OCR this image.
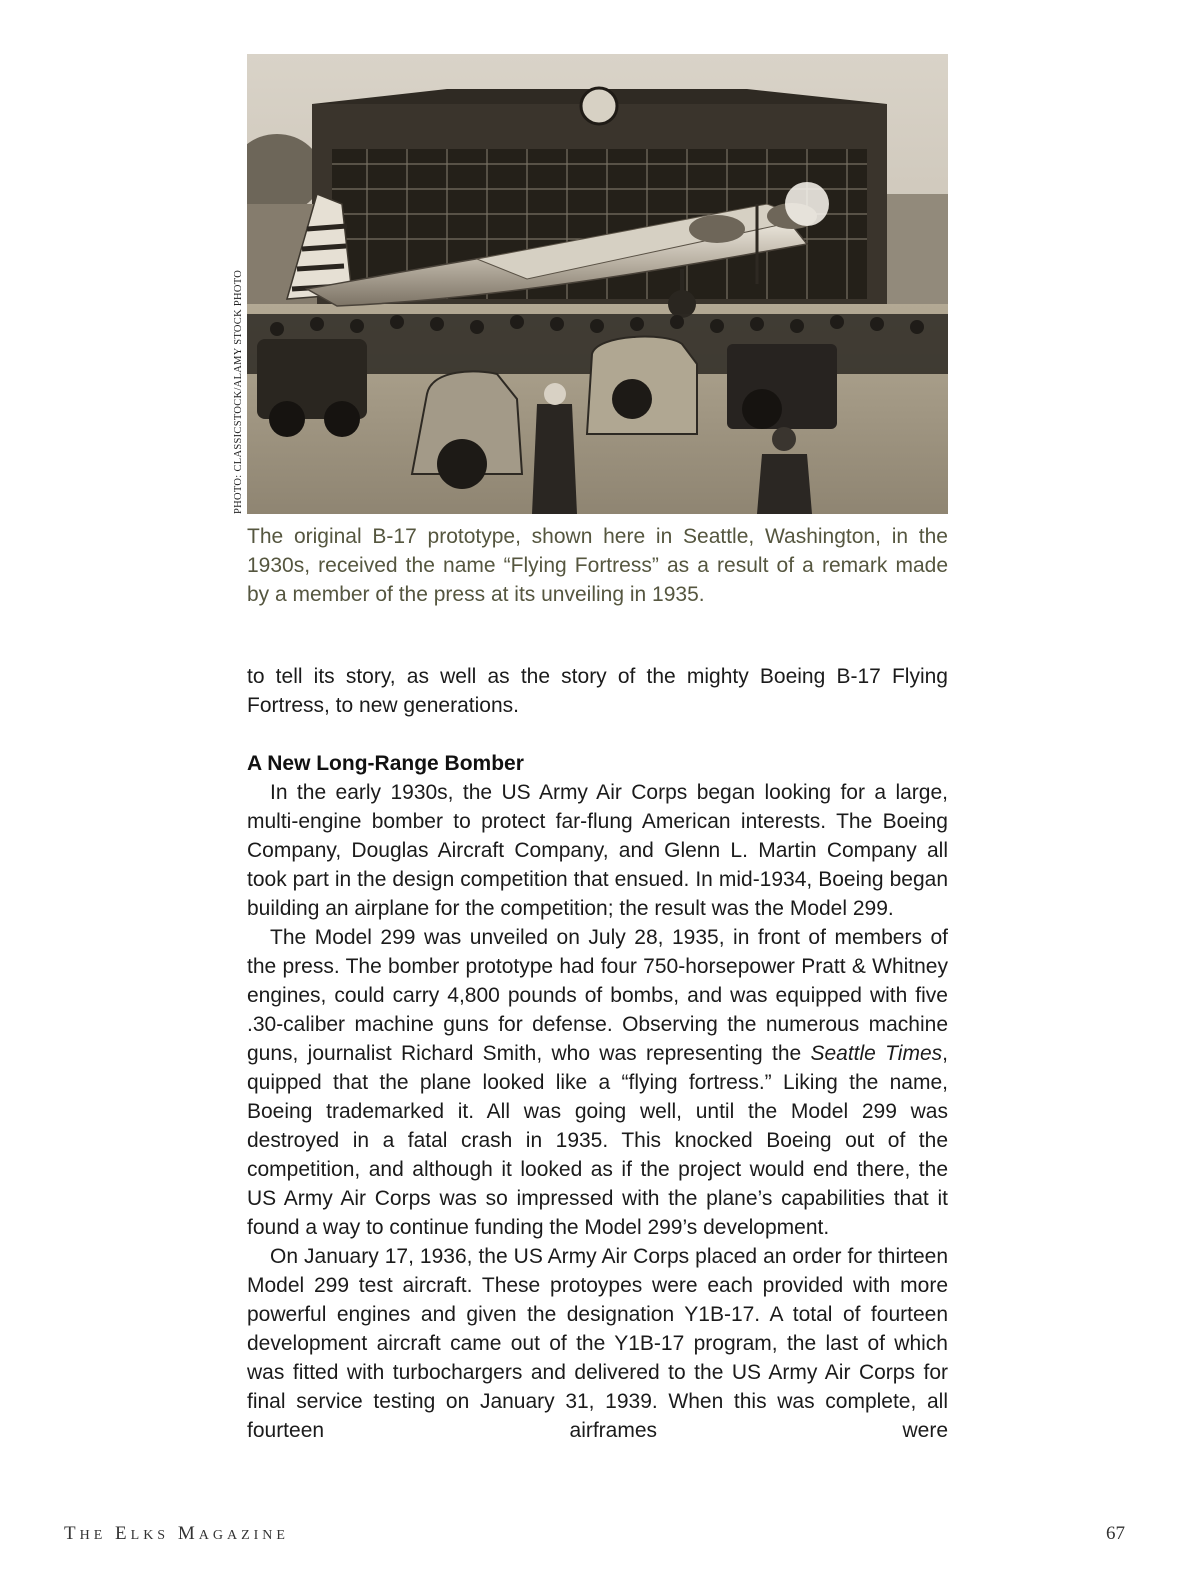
PHOTO: CLASSICSTOCK/ALAMY STOCK PHOTO

The original B-17 prototype, shown here in Seattle, Washington, in the 1930s, received the name “Flying Fortress” as a result of a remark made by a member of the press at its unveiling in 1935.

to tell its story, as well as the story of the mighty Boeing B-17 Flying Fortress, to new generations.

A New Long-Range Bomber

In the early 1930s, the US Army Air Corps began looking for a large, multi-engine bomber to protect far-flung American interests. The Boeing Company, Douglas Aircraft Company, and Glenn L. Martin Company all took part in the design competition that ensued. In mid-1934, Boeing began building an airplane for the competition; the result was the Model 299.

The Model 299 was unveiled on July 28, 1935, in front of members of the press. The bomber prototype had four 750-horsepower Pratt & Whitney engines, could carry 4,800 pounds of bombs, and was equipped with five .30-caliber machine guns for defense. Observing the numerous machine guns, journalist Richard Smith, who was representing the Seattle Times, quipped that the plane looked like a “flying fortress.” Liking the name, Boeing trademarked it. All was going well, until the Model 299 was destroyed in a fatal crash in 1935. This knocked Boeing out of the competition, and although it looked as if the project would end there, the US Army Air Corps was so impressed with the plane’s capabilities that it found a way to continue funding the Model 299’s development.

On January 17, 1936, the US Army Air Corps placed an order for thirteen Model 299 test aircraft. These protoypes were each provided with more powerful engines and given the designation Y1B-17. A total of fourteen development aircraft came out of the Y1B-17 program, the last of which was fitted with turbochargers and delivered to the US Army Air Corps for final service testing on January 31, 1939. When this was complete, all fourteen airframes were

THE ELKS MAGAZINE	67
